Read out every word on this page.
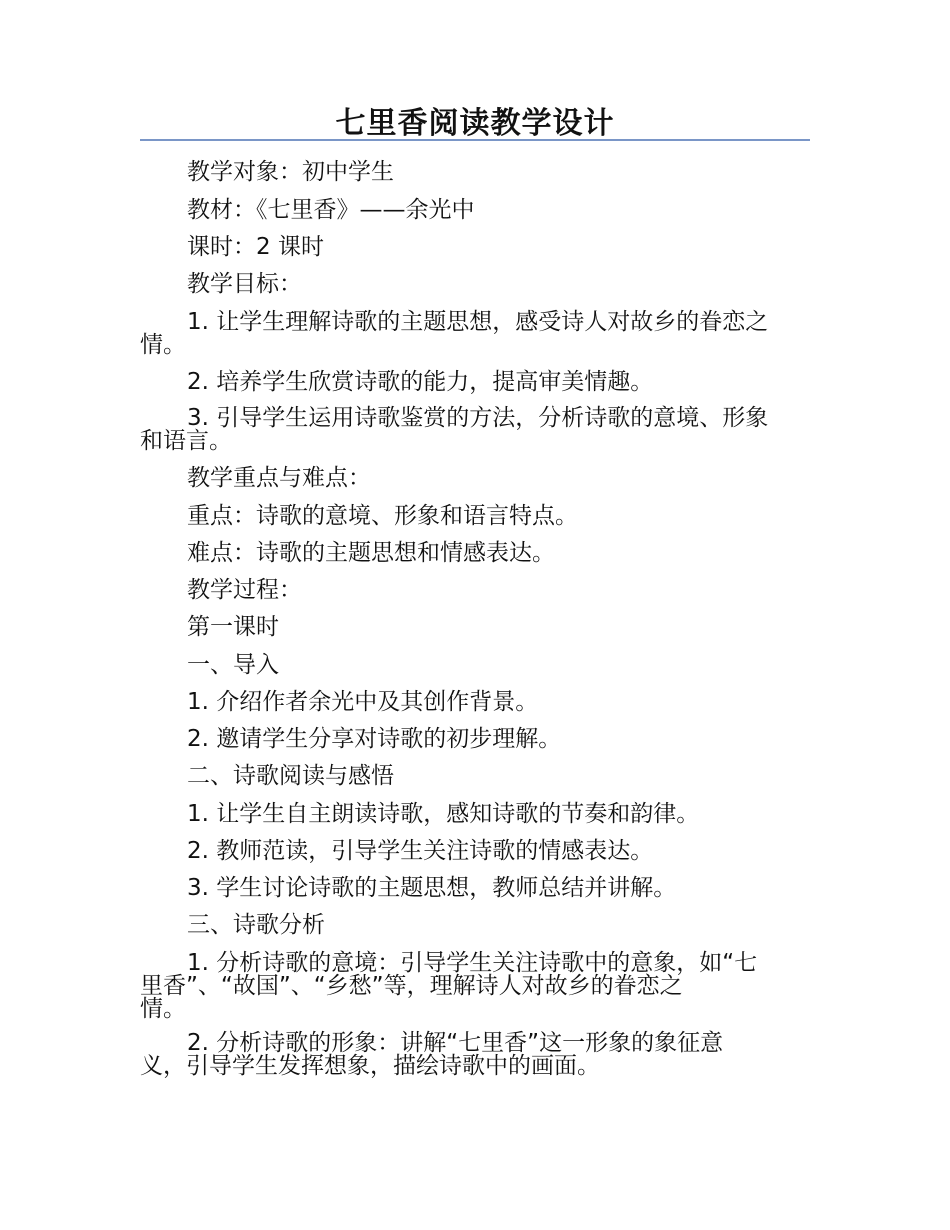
七里香阅读教学设计
教学对象：初中学生
教材：《七里香》——余光中
课时：2 课时
教学目标：
1. 让学生理解诗歌的主题思想，感受诗人对故乡的眷恋之
情。
2. 培养学生欣赏诗歌的能力，提高审美情趣。
3. 引导学生运用诗歌鉴赏的方法，分析诗歌的意境、形象
和语言。
教学重点与难点：
重点：诗歌的意境、形象和语言特点。
难点：诗歌的主题思想和情感表达。
教学过程：
第一课时
一、导入
1. 介绍作者余光中及其创作背景。
2. 邀请学生分享对诗歌的初步理解。
二、诗歌阅读与感悟
1. 让学生自主朗读诗歌，感知诗歌的节奏和韵律。
2. 教师范读，引导学生关注诗歌的情感表达。
3. 学生讨论诗歌的主题思想，教师总结并讲解。
三、诗歌分析
1. 分析诗歌的意境：引导学生关注诗歌中的意象，如“七
里香”、“故国”、“乡愁”等，理解诗人对故乡的眷恋之
情。
2. 分析诗歌的形象：讲解“七里香”这一形象的象征意
义，引导学生发挥想象，描绘诗歌中的画面。
